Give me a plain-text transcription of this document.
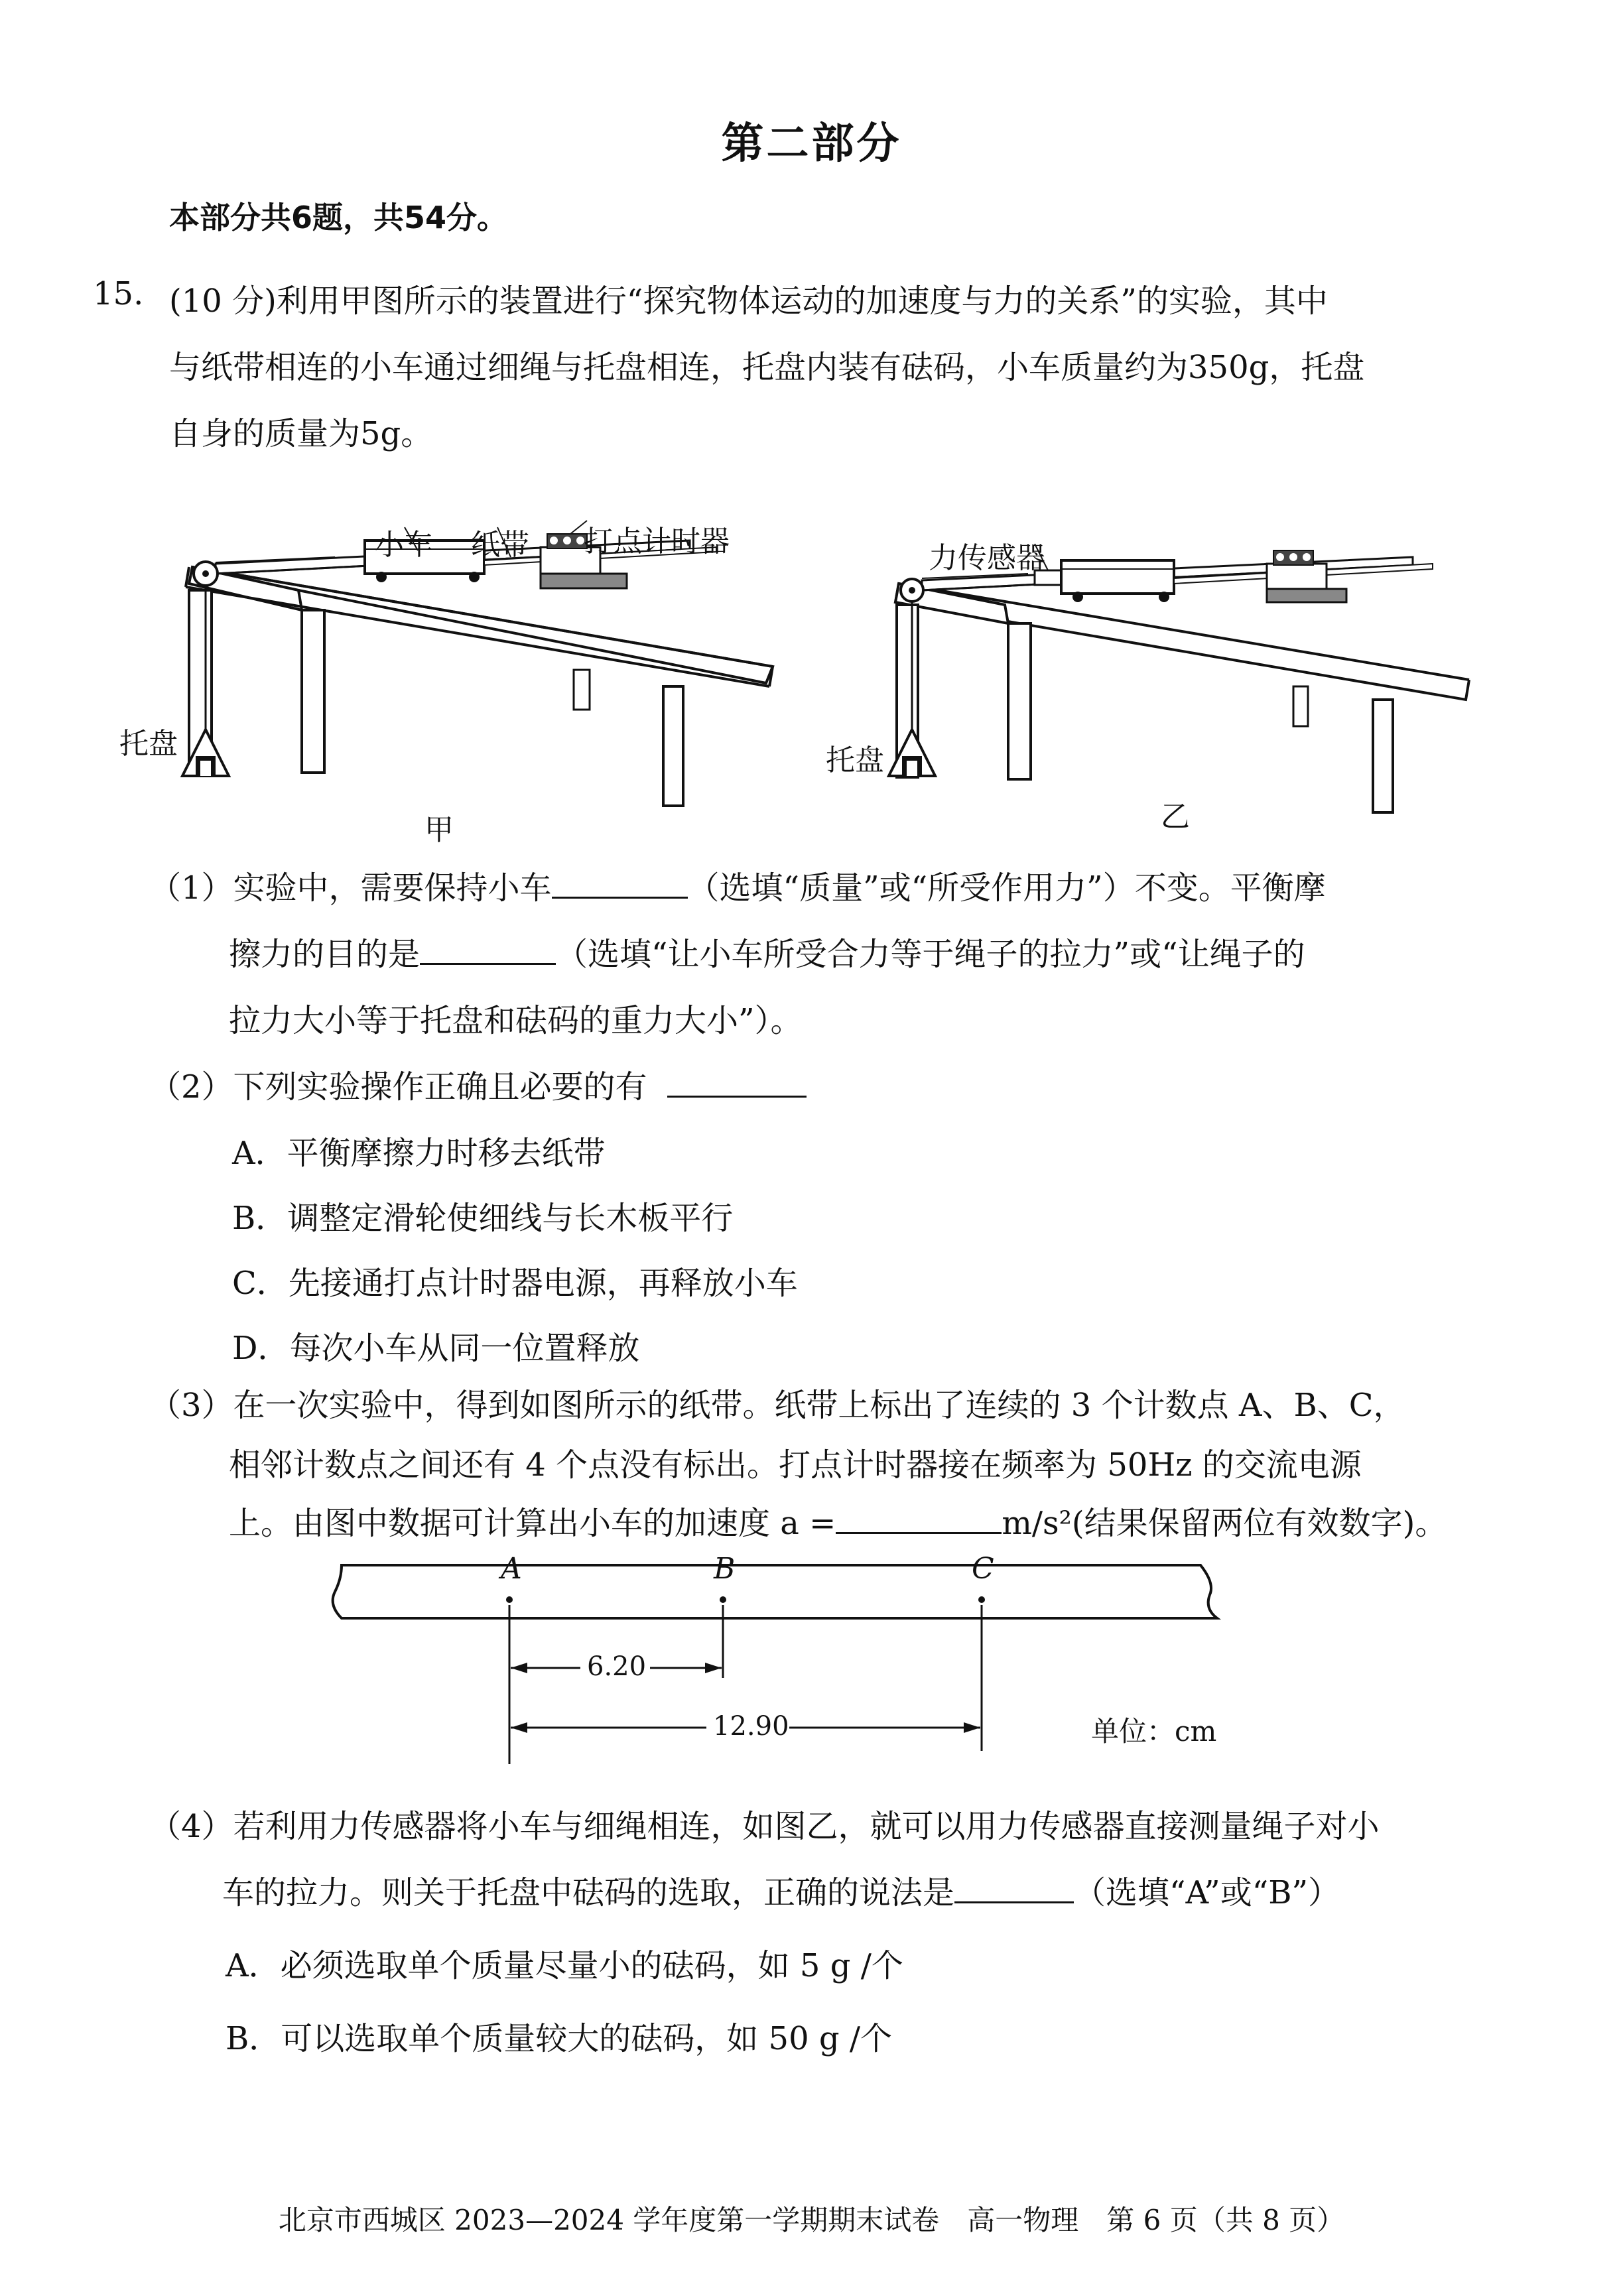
第二部分
本部分共6题，共54分。
15. (10 分)利用甲图所示的装置进行“探究物体运动的加速度与力的关系”的实验，其中
与纸带相连的小车通过细绳与托盘相连，托盘内装有砝码，小车质量约为350g，托盘
自身的质量为5g。
小车 纸带 打点计时器
托盘
甲
力传感器
托盘
乙
（1）实验中，需要保持小车	（选填“质量”或“所受作用力”）不变。平衡摩
擦力的目的是	（选填“让小车所受合力等于绳子的拉力”或“让绳子的
拉力大小等于托盘和砝码的重力大小”）。
（2）下列实验操作正确且必要的有
A．平衡摩擦力时移去纸带
B．调整定滑轮使细线与长木板平行
C．先接通打点计时器电源，再释放小车
D．每次小车从同一位置释放
（3）在一次实验中，得到如图所示的纸带。纸带上标出了连续的 3 个计数点 A、B、C，
相邻计数点之间还有 4 个点没有标出。打点计时器接在频率为 50Hz 的交流电源
上。由图中数据可计算出小车的加速度 a =	m/s²(结果保留两位有效数字)。
A	B	C
6.20
12.90	单位：cm
（4）若利用力传感器将小车与细绳相连，如图乙，就可以用力传感器直接测量绳子对小
车的拉力。则关于托盘中砝码的选取，正确的说法是	（选填“A”或“B”）
A．必须选取单个质量尽量小的砝码，如 5 g /个
B．可以选取单个质量较大的砝码，如 50 g /个
北京市西城区 2023—2024 学年度第一学期期末试卷　高一物理　第 6 页（共 8 页）
